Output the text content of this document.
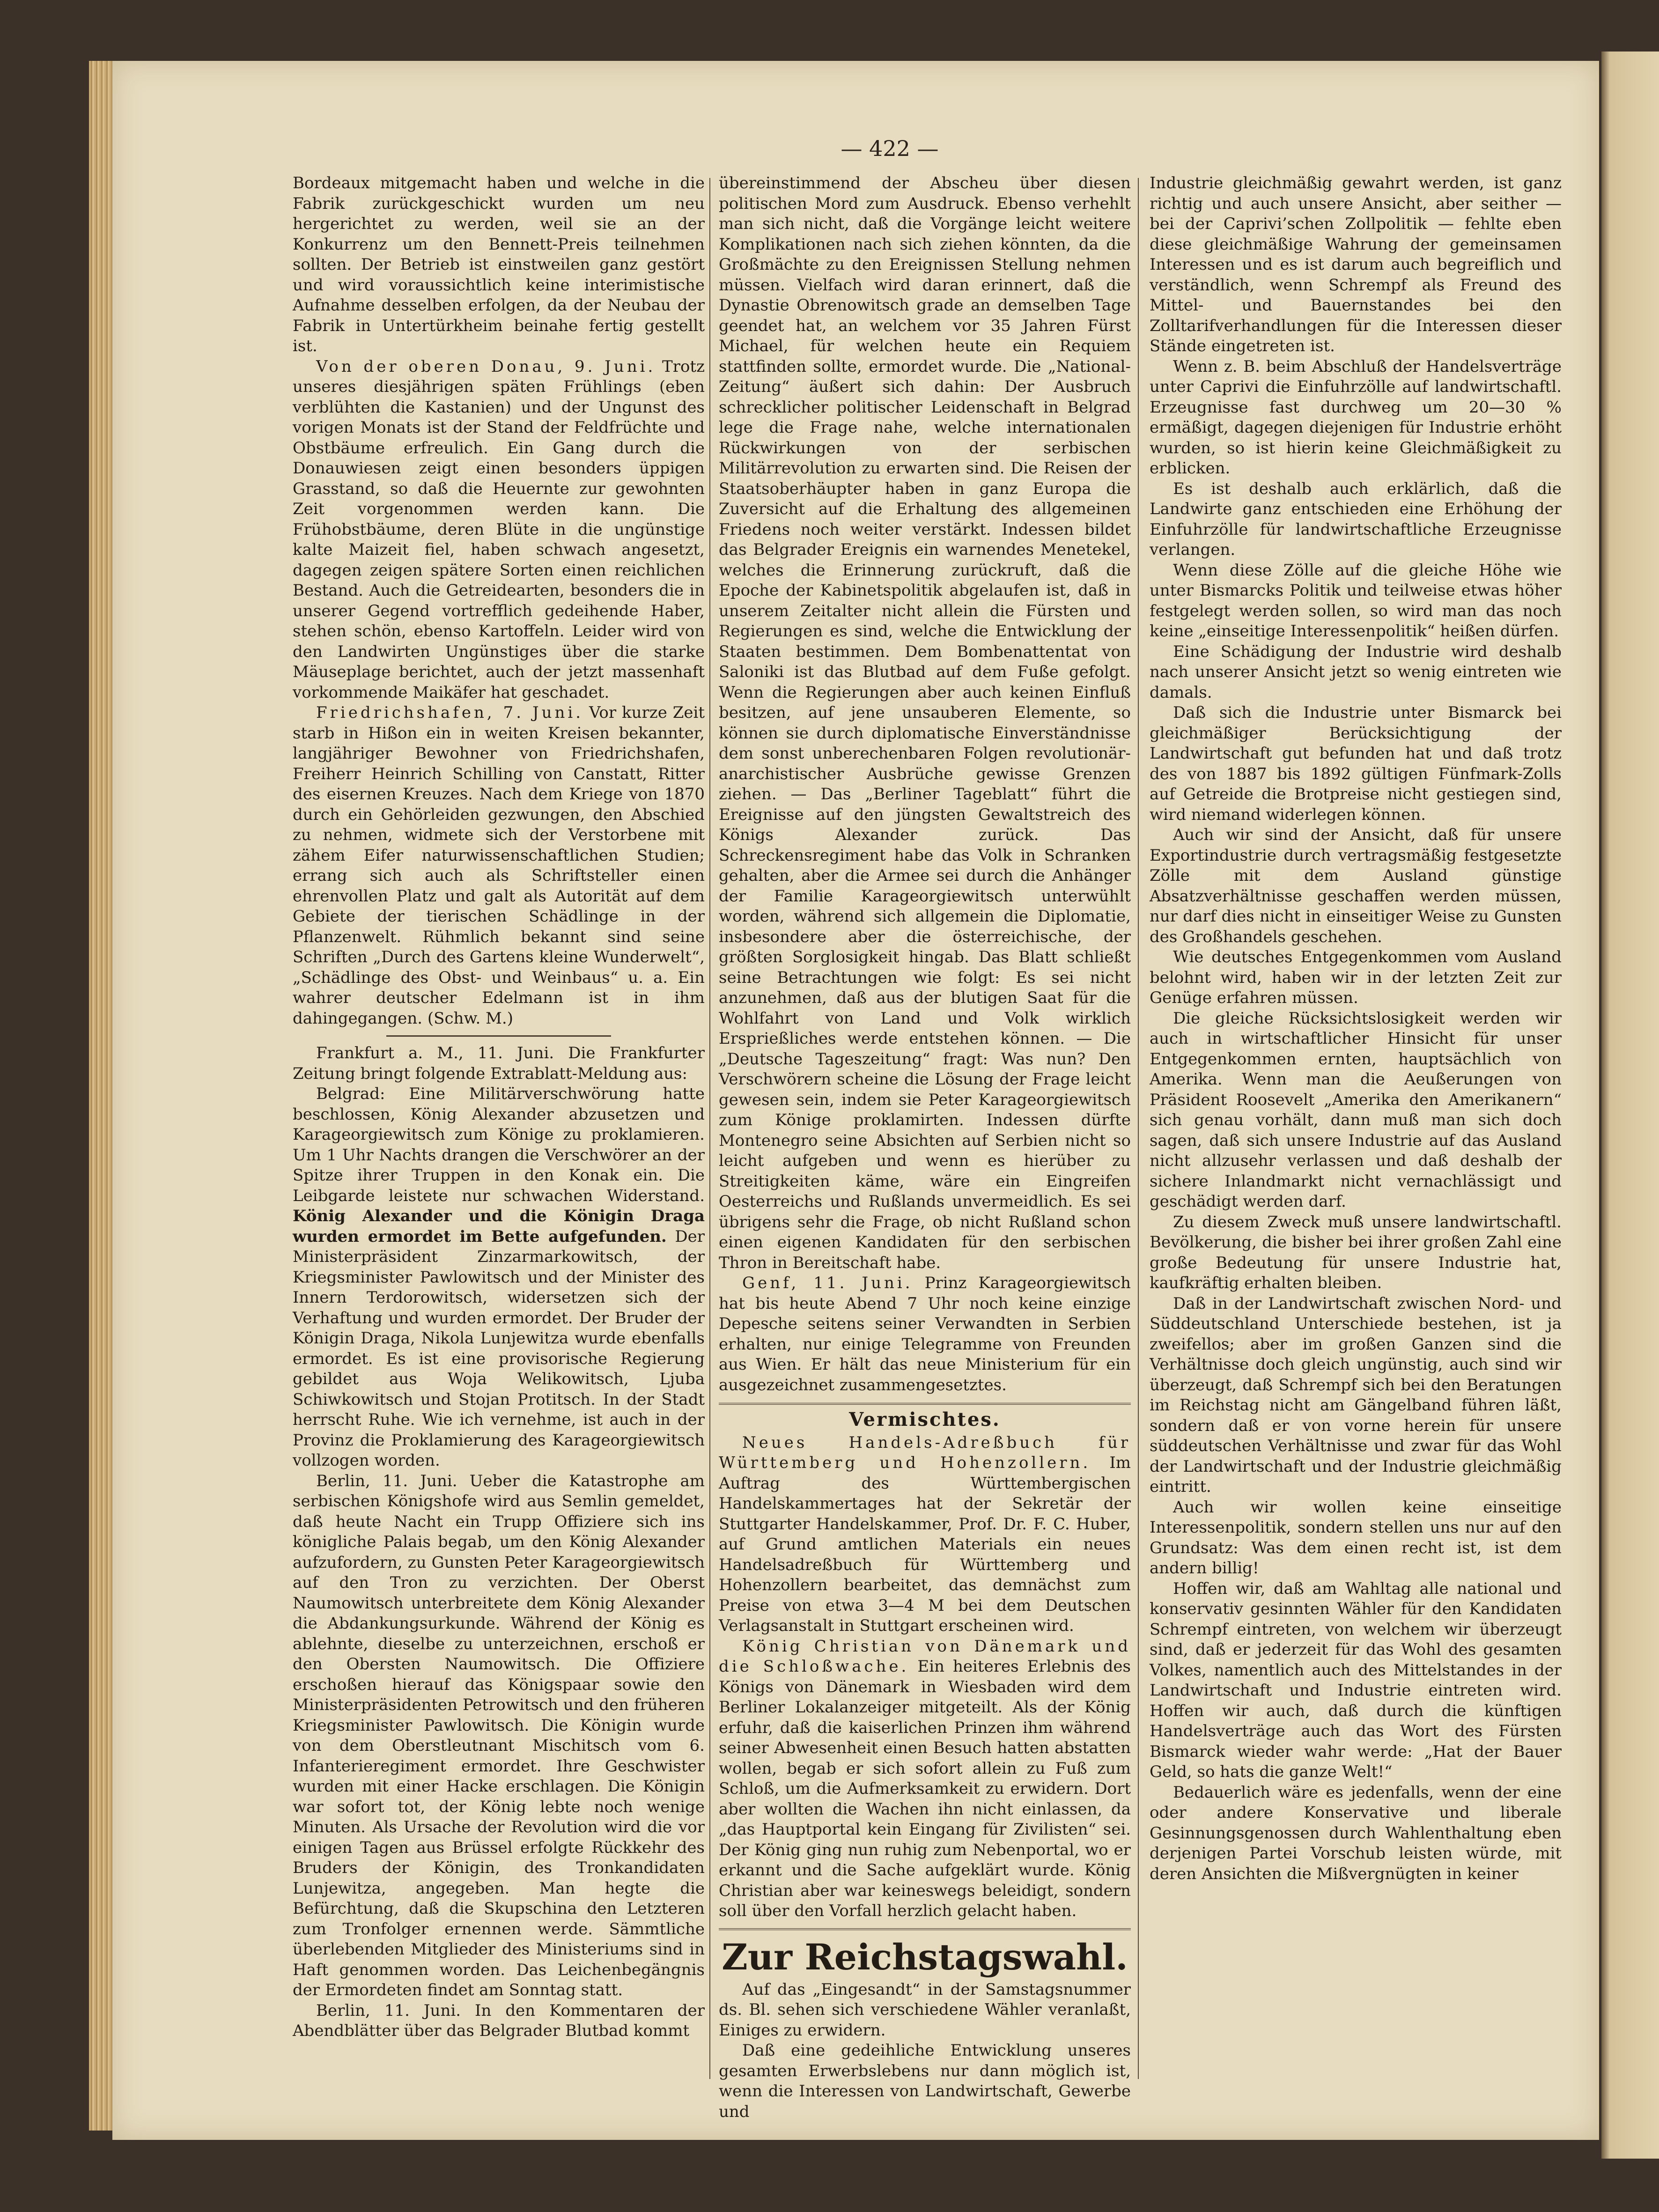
— 422 —

Bordeaux mitgemacht haben und welche in die Fabrik zurückgeschickt wurden um neu hergerichtet zu werden, weil sie an der Konkurrenz um den Bennett-Preis teilnehmen sollten. Der Betrieb ist einstweilen ganz gestört und wird voraussichtlich keine interimistische Aufnahme desselben erfolgen, da der Neubau der Fabrik in Untertürkheim beinahe fertig gestellt ist.

Von der oberen Donau, 9. Juni. Trotz unseres diesjährigen späten Frühlings (eben verblühten die Kastanien) und der Ungunst des vorigen Monats ist der Stand der Feldfrüchte und Obstbäume erfreulich. Ein Gang durch die Donauwiesen zeigt einen besonders üppigen Grasstand, so daß die Heuernte zur gewohnten Zeit vorgenommen werden kann. Die Frühobstbäume, deren Blüte in die ungünstige kalte Maizeit fiel, haben schwach angesetzt, dagegen zeigen spätere Sorten einen reichlichen Bestand. Auch die Getreidearten, besonders die in unserer Gegend vortrefflich gedeihende Haber, stehen schön, ebenso Kartoffeln. Leider wird von den Landwirten Ungünstiges über die starke Mäuseplage berichtet, auch der jetzt massenhaft vorkommende Maikäfer hat geschadet.

Friedrichshafen, 7. Juni. Vor kurze Zeit starb in Hißon ein in weiten Kreisen bekannter, langjähriger Bewohner von Friedrichshafen, Freiherr Heinrich Schilling von Canstatt, Ritter des eisernen Kreuzes. Nach dem Kriege von 1870 durch ein Gehörleiden gezwungen, den Abschied zu nehmen, widmete sich der Verstorbene mit zähem Eifer naturwissenschaftlichen Studien; errang sich auch als Schriftsteller einen ehrenvollen Platz und galt als Autorität auf dem Gebiete der tierischen Schädlinge in der Pflanzenwelt. Rühmlich bekannt sind seine Schriften „Durch des Gartens kleine Wunderwelt“, „Schädlinge des Obst- und Weinbaus“ u. a. Ein wahrer deutscher Edelmann ist in ihm dahingegangen. (Schw. M.)

Frankfurt a. M., 11. Juni. Die Frankfurter Zeitung bringt folgende Extrablatt-Meldung aus:

Belgrad: Eine Militärverschwörung hatte beschlossen, König Alexander abzusetzen und Karageorgiewitsch zum Könige zu proklamieren. Um 1 Uhr Nachts drangen die Verschwörer an der Spitze ihrer Truppen in den Konak ein. Die Leibgarde leistete nur schwachen Widerstand. König Alexander und die Königin Draga wurden ermordet im Bette aufgefunden. Der Ministerpräsident Zinzarmarkowitsch, der Kriegsminister Pawlowitsch und der Minister des Innern Terdorowitsch, widersetzen sich der Verhaftung und wurden ermordet. Der Bruder der Königin Draga, Nikola Lunjewitza wurde ebenfalls ermordet. Es ist eine provisorische Regierung gebildet aus Woja Welikowitsch, Ljuba Schiwkowitsch und Stojan Protitsch. In der Stadt herrscht Ruhe. Wie ich vernehme, ist auch in der Provinz die Proklamierung des Karageorgiewitsch vollzogen worden.

Berlin, 11. Juni. Ueber die Katastrophe am serbischen Königshofe wird aus Semlin gemeldet, daß heute Nacht ein Trupp Offiziere sich ins königliche Palais begab, um den König Alexander aufzufordern, zu Gunsten Peter Karageorgiewitsch auf den Tron zu verzichten. Der Oberst Naumowitsch unterbreitete dem König Alexander die Abdankungsurkunde. Während der König es ablehnte, dieselbe zu unterzeichnen, erschoß er den Obersten Naumowitsch. Die Offiziere erschoßen hierauf das Königspaar sowie den Ministerpräsidenten Petrowitsch und den früheren Kriegsminister Pawlowitsch. Die Königin wurde von dem Oberstleutnant Mischitsch vom 6. Infanterieregiment ermordet. Ihre Geschwister wurden mit einer Hacke erschlagen. Die Königin war sofort tot, der König lebte noch wenige Minuten. Als Ursache der Revolution wird die vor einigen Tagen aus Brüssel erfolgte Rückkehr des Bruders der Königin, des Tronkandidaten Lunjewitza, angegeben. Man hegte die Befürchtung, daß die Skupschina den Letzteren zum Tronfolger ernennen werde. Sämmtliche überlebenden Mitglieder des Ministeriums sind in Haft genommen worden. Das Leichenbegängnis der Ermordeten findet am Sonntag statt.

Berlin, 11. Juni. In den Kommentaren der Abendblätter über das Belgrader Blutbad kommt

übereinstimmend der Abscheu über diesen politischen Mord zum Ausdruck. Ebenso verhehlt man sich nicht, daß die Vorgänge leicht weitere Komplikationen nach sich ziehen könnten, da die Großmächte zu den Ereignissen Stellung nehmen müssen. Vielfach wird daran erinnert, daß die Dynastie Obrenowitsch grade an demselben Tage geendet hat, an welchem vor 35 Jahren Fürst Michael, für welchen heute ein Requiem stattfinden sollte, ermordet wurde. Die „National-Zeitung“ äußert sich dahin: Der Ausbruch schrecklicher politischer Leidenschaft in Belgrad lege die Frage nahe, welche internationalen Rückwirkungen von der serbischen Militärrevolution zu erwarten sind. Die Reisen der Staatsoberhäupter haben in ganz Europa die Zuversicht auf die Erhaltung des allgemeinen Friedens noch weiter verstärkt. Indessen bildet das Belgrader Ereignis ein warnendes Menetekel, welches die Erinnerung zurückruft, daß die Epoche der Kabinetspolitik abgelaufen ist, daß in unserem Zeitalter nicht allein die Fürsten und Regierungen es sind, welche die Entwicklung der Staaten bestimmen. Dem Bombenattentat von Saloniki ist das Blutbad auf dem Fuße gefolgt. Wenn die Regierungen aber auch keinen Einfluß besitzen, auf jene unsauberen Elemente, so können sie durch diplomatische Einverständnisse dem sonst unberechenbaren Folgen revolutionär-anarchistischer Ausbrüche gewisse Grenzen ziehen. — Das „Berliner Tageblatt“ führt die Ereignisse auf den jüngsten Gewaltstreich des Königs Alexander zurück. Das Schreckensregiment habe das Volk in Schranken gehalten, aber die Armee sei durch die Anhänger der Familie Karageorgiewitsch unterwühlt worden, während sich allgemein die Diplomatie, insbesondere aber die österreichische, der größten Sorglosigkeit hingab. Das Blatt schließt seine Betrachtungen wie folgt: Es sei nicht anzunehmen, daß aus der blutigen Saat für die Wohlfahrt von Land und Volk wirklich Ersprießliches werde entstehen können. — Die „Deutsche Tageszeitung“ fragt: Was nun? Den Verschwörern scheine die Lösung der Frage leicht gewesen sein, indem sie Peter Karageorgiewitsch zum Könige proklamirten. Indessen dürfte Montenegro seine Absichten auf Serbien nicht so leicht aufgeben und wenn es hierüber zu Streitigkeiten käme, wäre ein Eingreifen Oesterreichs und Rußlands unvermeidlich. Es sei übrigens sehr die Frage, ob nicht Rußland schon einen eigenen Kandidaten für den serbischen Thron in Bereitschaft habe.

Genf, 11. Juni. Prinz Karageorgiewitsch hat bis heute Abend 7 Uhr noch keine einzige Depesche seitens seiner Verwandten in Serbien erhalten, nur einige Telegramme von Freunden aus Wien. Er hält das neue Ministerium für ein ausgezeichnet zusammengesetztes.

Vermischtes.

Neues Handels-Adreßbuch für Württemberg und Hohenzollern. Im Auftrag des Württembergischen Handelskammertages hat der Sekretär der Stuttgarter Handelskammer, Prof. Dr. F. C. Huber, auf Grund amtlichen Materials ein neues Handelsadreßbuch für Württemberg und Hohenzollern bearbeitet, das demnächst zum Preise von etwa 3—4 M bei dem Deutschen Verlagsanstalt in Stuttgart erscheinen wird.

König Christian von Dänemark und die Schloßwache. Ein heiteres Erlebnis des Königs von Dänemark in Wiesbaden wird dem Berliner Lokalanzeiger mitgeteilt. Als der König erfuhr, daß die kaiserlichen Prinzen ihm während seiner Abwesenheit einen Besuch hatten abstatten wollen, begab er sich sofort allein zu Fuß zum Schloß, um die Aufmerksamkeit zu erwidern. Dort aber wollten die Wachen ihn nicht einlassen, da „das Hauptportal kein Eingang für Zivilisten“ sei. Der König ging nun ruhig zum Nebenportal, wo er erkannt und die Sache aufgeklärt wurde. König Christian aber war keineswegs beleidigt, sondern soll über den Vorfall herzlich gelacht haben.

Zur Reichstagswahl.

Auf das „Eingesandt“ in der Samstagsnummer ds. Bl. sehen sich verschiedene Wähler veranlaßt, Einiges zu erwidern.

Daß eine gedeihliche Entwicklung unseres gesamten Erwerbslebens nur dann möglich ist, wenn die Interessen von Landwirtschaft, Gewerbe und

Industrie gleichmäßig gewahrt werden, ist ganz richtig und auch unsere Ansicht, aber seither — bei der Caprivi’schen Zollpolitik — fehlte eben diese gleichmäßige Wahrung der gemeinsamen Interessen und es ist darum auch begreiflich und verständlich, wenn Schrempf als Freund des Mittel- und Bauernstandes bei den Zolltarifverhandlungen für die Interessen dieser Stände eingetreten ist.

Wenn z. B. beim Abschluß der Handelsverträge unter Caprivi die Einfuhrzölle auf landwirtschaftl. Erzeugnisse fast durchweg um 20—30 % ermäßigt, dagegen diejenigen für Industrie erhöht wurden, so ist hierin keine Gleichmäßigkeit zu erblicken.

Es ist deshalb auch erklärlich, daß die Landwirte ganz entschieden eine Erhöhung der Einfuhrzölle für landwirtschaftliche Erzeugnisse verlangen.

Wenn diese Zölle auf die gleiche Höhe wie unter Bismarcks Politik und teilweise etwas höher festgelegt werden sollen, so wird man das noch keine „einseitige Interessenpolitik“ heißen dürfen.

Eine Schädigung der Industrie wird deshalb nach unserer Ansicht jetzt so wenig eintreten wie damals.

Daß sich die Industrie unter Bismarck bei gleichmäßiger Berücksichtigung der Landwirtschaft gut befunden hat und daß trotz des von 1887 bis 1892 gültigen Fünfmark-Zolls auf Getreide die Brotpreise nicht gestiegen sind, wird niemand widerlegen können.

Auch wir sind der Ansicht, daß für unsere Exportindustrie durch vertragsmäßig festgesetzte Zölle mit dem Ausland günstige Absatzverhältnisse geschaffen werden müssen, nur darf dies nicht in einseitiger Weise zu Gunsten des Großhandels geschehen.

Wie deutsches Entgegenkommen vom Ausland belohnt wird, haben wir in der letzten Zeit zur Genüge erfahren müssen.

Die gleiche Rücksichtslosigkeit werden wir auch in wirtschaftlicher Hinsicht für unser Entgegenkommen ernten, hauptsächlich von Amerika. Wenn man die Aeußerungen von Präsident Roosevelt „Amerika den Amerikanern“ sich genau vorhält, dann muß man sich doch sagen, daß sich unsere Industrie auf das Ausland nicht allzusehr verlassen und daß deshalb der sichere Inlandmarkt nicht vernachlässigt und geschädigt werden darf.

Zu diesem Zweck muß unsere landwirtschaftl. Bevölkerung, die bisher bei ihrer großen Zahl eine große Bedeutung für unsere Industrie hat, kaufkräftig erhalten bleiben.

Daß in der Landwirtschaft zwischen Nord- und Süddeutschland Unterschiede bestehen, ist ja zweifellos; aber im großen Ganzen sind die Verhältnisse doch gleich ungünstig, auch sind wir überzeugt, daß Schrempf sich bei den Beratungen im Reichstag nicht am Gängelband führen läßt, sondern daß er von vorne herein für unsere süddeutschen Verhältnisse und zwar für das Wohl der Landwirtschaft und der Industrie gleichmäßig eintritt.

Auch wir wollen keine einseitige Interessenpolitik, sondern stellen uns nur auf den Grundsatz: Was dem einen recht ist, ist dem andern billig!

Hoffen wir, daß am Wahltag alle national und konservativ gesinnten Wähler für den Kandidaten Schrempf eintreten, von welchem wir überzeugt sind, daß er jederzeit für das Wohl des gesamten Volkes, namentlich auch des Mittelstandes in der Landwirtschaft und Industrie eintreten wird. Hoffen wir auch, daß durch die künftigen Handelsverträge auch das Wort des Fürsten Bismarck wieder wahr werde: „Hat der Bauer Geld, so hats die ganze Welt!“

Bedauerlich wäre es jedenfalls, wenn der eine oder andere Konservative und liberale Gesinnungsgenossen durch Wahlenthaltung eben derjenigen Partei Vorschub leisten würde, mit deren Ansichten die Mißvergnügten in keiner
